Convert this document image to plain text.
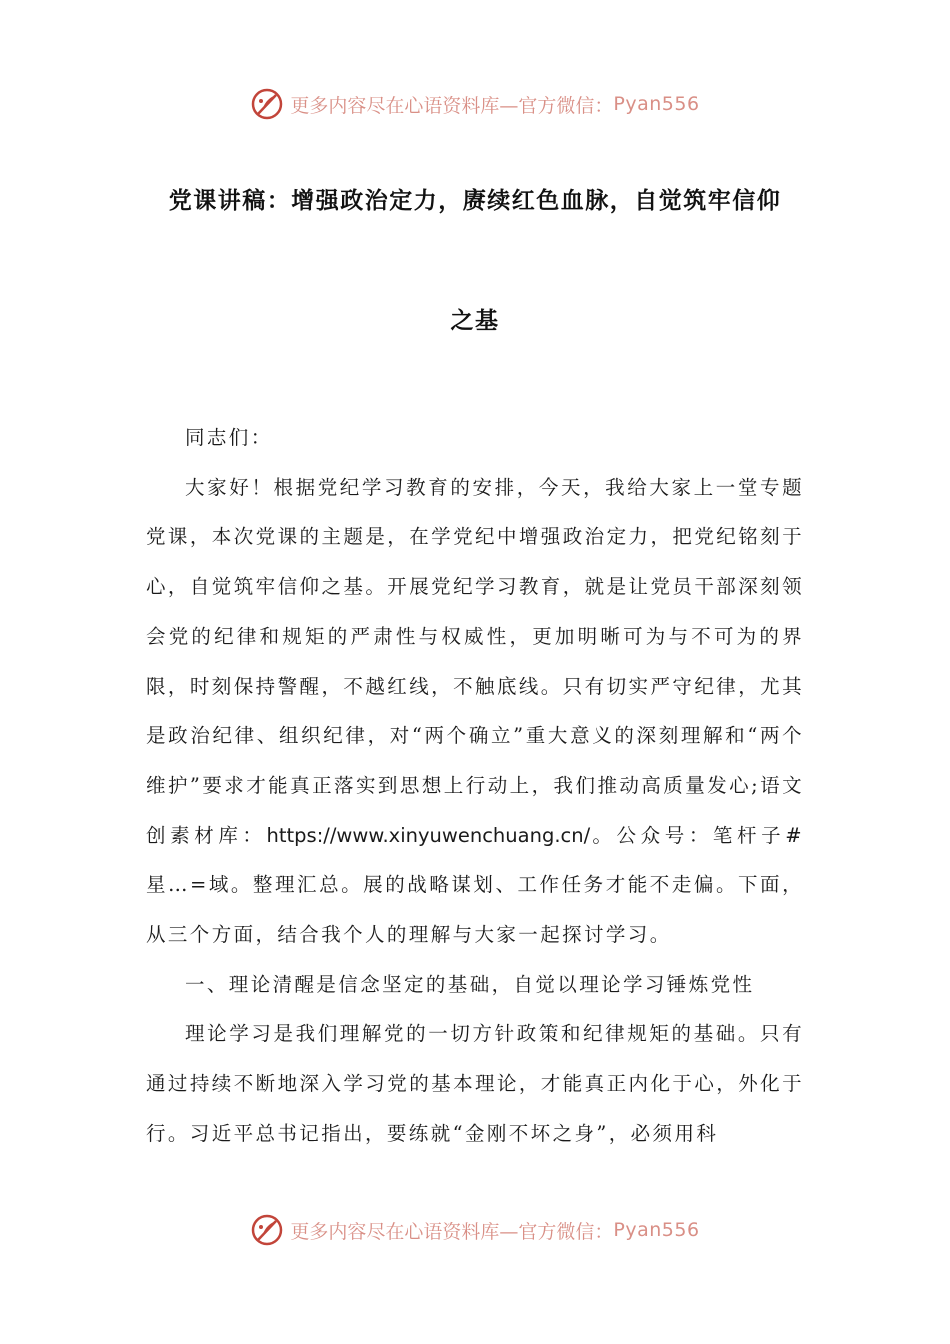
更多内容尽在心语资料库—官方微信： Pyan556
党课讲稿：增强政治定力，赓续红色血脉，自觉筑牢信仰
之基

同志们：

大家好！根据党纪学习教育的安排，今天，我给大家上一堂专题党课，本次党课的主题是，在学党纪中增强政治定力，把党纪铭刻于心，自觉筑牢信仰之基。开展党纪学习教育，就是让党员干部深刻领会党的纪律和规矩的严肃性与权威性，更加明晰可为与不可为的界限，时刻保持警醒，不越红线，不触底线。只有切实严守纪律，尤其是政治纪律、组织纪律，对“两个确立”重大意义的深刻理解和“两个维护”要求才能真正落实到思想上行动上，我们推动高质量发心;语文创素材库：https://www.xinyuwenchuang.cn/。公众号：笔杆子#星…=域。整理汇总。展的战略谋划、工作任务才能不走偏。下面，从三个方面，结合我个人的理解与大家一起探讨学习。

一、理论清醒是信念坚定的基础，自觉以理论学习锤炼党性

理论学习是我们理解党的一切方针政策和纪律规矩的基础。只有通过持续不断地深入学习党的基本理论，才能真正内化于心，外化于行。习近平总书记指出，要练就“金刚不坏之身”，必须用科

更多内容尽在心语资料库—官方微信： Pyan556
